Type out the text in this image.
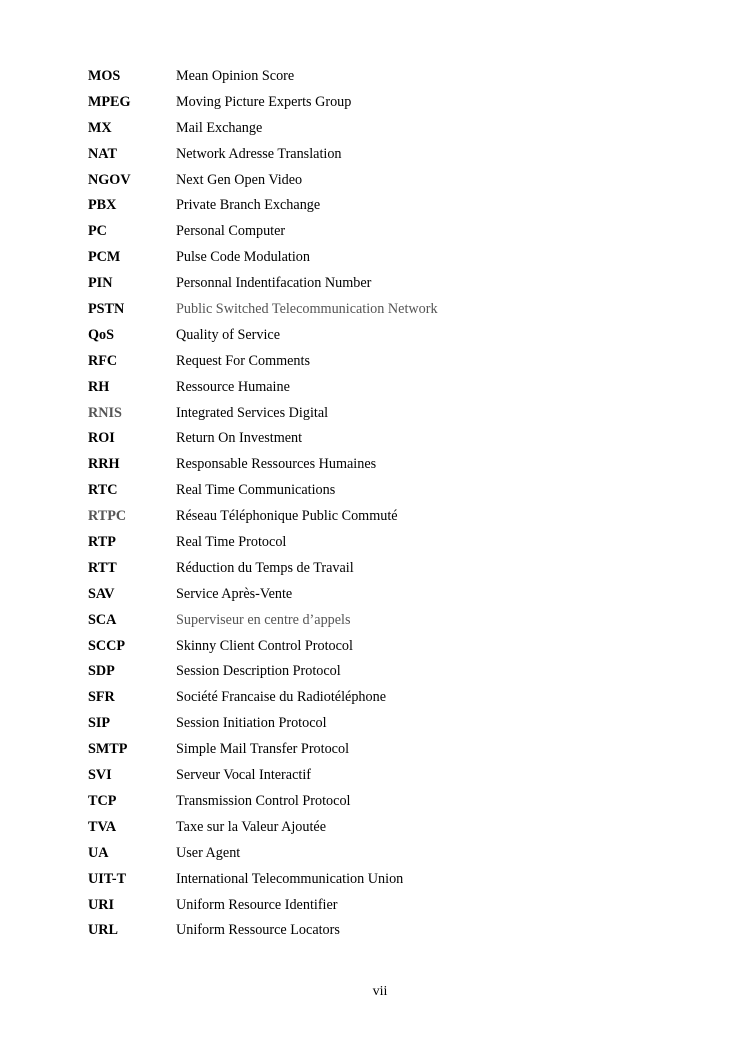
MOS	Mean Opinion Score
MPEG	Moving Picture Experts Group
MX	Mail Exchange
NAT	Network Adresse Translation
NGOV	Next Gen Open Video
PBX	Private Branch Exchange
PC	Personal Computer
PCM	Pulse Code Modulation
PIN	Personnal Indentifacation Number
PSTN	Public Switched Telecommunication Network
QoS	Quality of Service
RFC	Request For Comments
RH	Ressource Humaine
RNIS	Integrated Services Digital
ROI	Return On Investment
RRH	Responsable Ressources Humaines
RTC	Real Time Communications
RTPC	Réseau Téléphonique Public Commuté
RTP	Real Time Protocol
RTT	Réduction du Temps de Travail
SAV	Service Après-Vente
SCA	Superviseur en centre d’appels
SCCP	Skinny Client Control Protocol
SDP	Session Description Protocol
SFR	Société Francaise du Radiotéléphone
SIP	Session Initiation Protocol
SMTP	Simple Mail Transfer Protocol
SVI	Serveur Vocal Interactif
TCP	Transmission Control Protocol
TVA	Taxe sur la Valeur Ajoutée
UA	User Agent
UIT-T	International Telecommunication Union
URI	Uniform Resource Identifier
URL	Uniform Ressource Locators
vii
